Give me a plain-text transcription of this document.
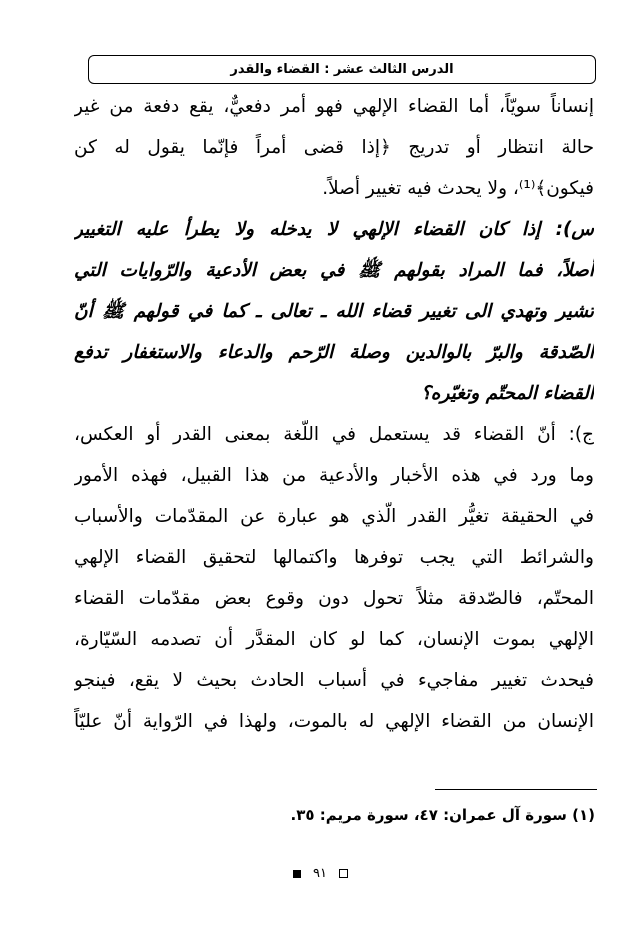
الدرس الثالث عشر : القضاء والقدر
إنساناً سويّاً، أما القضاء الإلهي فهو أمر دفعيٌّ، يقع دفعة من غير
حالة انتظار أو تدريج ﴿إذا قضى أمراً فإنّما يقول له كن
فيكون﴾⁽¹⁾، ولا يحدث فيه تغيير أصلاً.
س): إذا كان القضاء الإلهي لا يدخله ولا يطرأ عليه التغيير
أصلاً، فما المراد بقولهم ﷺ في بعض الأدعية والرّوايات التي
تشير وتهدي الى تغيير قضاء الله ـ تعالى ـ كما في قولهم ﷺ أنّ
الصّدقة والبرّ بالوالدين وصلة الرّحم والدعاء والاستغفار تدفع
القضاء المحتّم وتغيّره؟
ج): أنّ القضاء قد يستعمل في اللّغة بمعنى القدر أو العكس،
وما ورد في هذه الأخبار والأدعية من هذا القبيل، فهذه الأمور
في الحقيقة تغيُّر القدر الّذي هو عبارة عن المقدّمات والأسباب
والشرائط التي يجب توفرها واكتمالها لتحقيق القضاء الإلهي
المحتّم، فالصّدقة مثلاً تحول دون وقوع بعض مقدّمات القضاء
الإلهي بموت الإنسان، كما لو كان المقدَّر أن تصدمه السّيّارة،
فيحدث تغيير مفاجيء في أسباب الحادث بحيث لا يقع، فينجو
الإنسان من القضاء الإلهي له بالموت، ولهذا في الرّواية أنّ عليّاً
(١) سورة آل عمران: ٤٧، سورة مريم: ٣٥.
٩١
